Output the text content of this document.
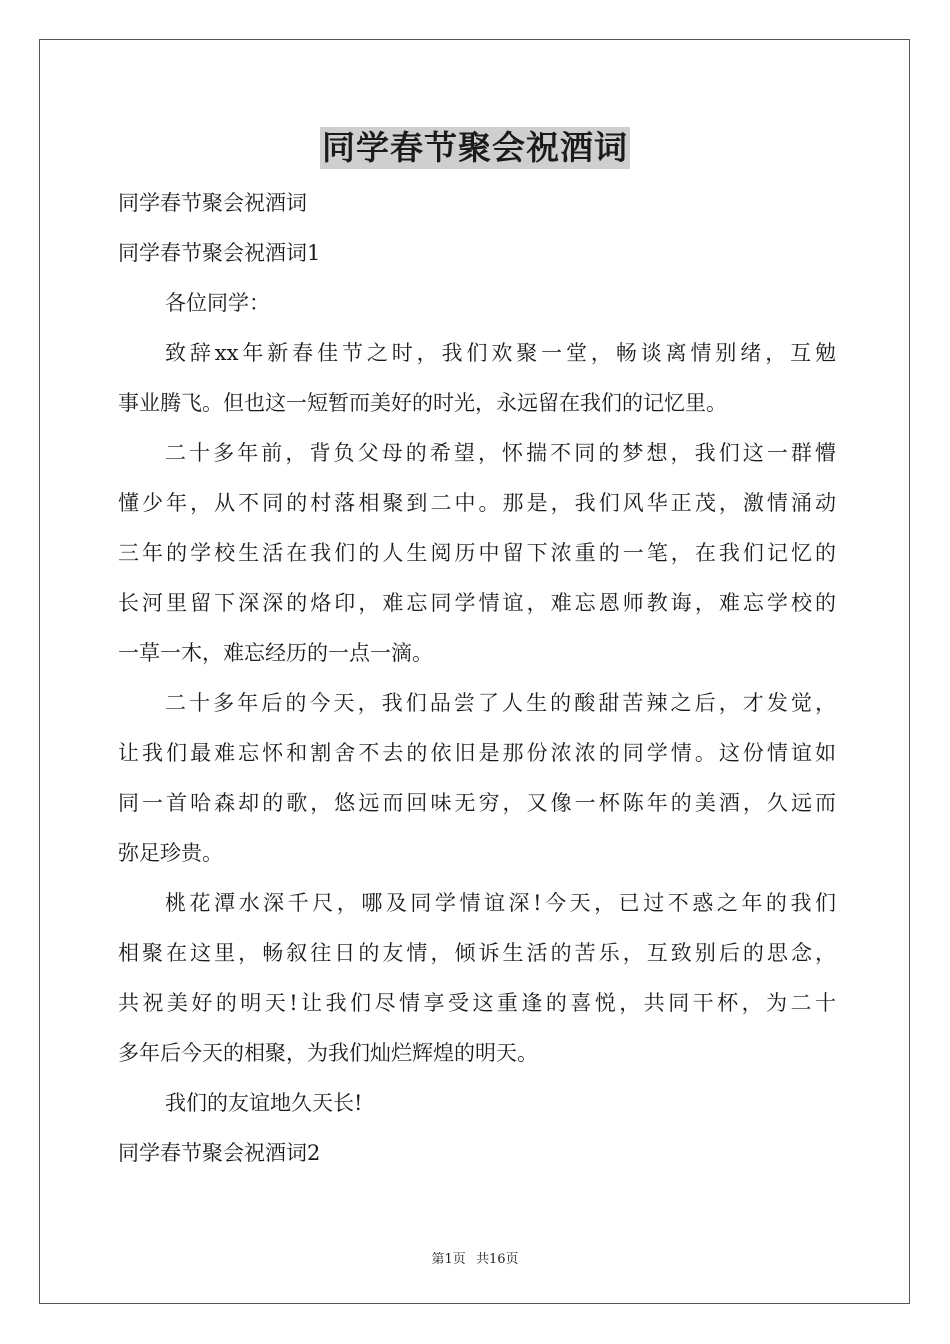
同学春节聚会祝酒词
同学春节聚会祝酒词
同学春节聚会祝酒词1
各位同学：
致辞xx年新春佳节之时，我们欢聚一堂，畅谈离情别绪，互勉
事业腾飞。但也这一短暂而美好的时光，永远留在我们的记忆里。
二十多年前，背负父母的希望，怀揣不同的梦想，我们这一群懵
懂少年，从不同的村落相聚到二中。那是，我们风华正茂，激情涌动
三年的学校生活在我们的人生阅历中留下浓重的一笔，在我们记忆的
长河里留下深深的烙印，难忘同学情谊，难忘恩师教诲，难忘学校的
一草一木，难忘经历的一点一滴。
二十多年后的今天，我们品尝了人生的酸甜苦辣之后，才发觉，
让我们最难忘怀和割舍不去的依旧是那份浓浓的同学情。这份情谊如
同一首哈森却的歌，悠远而回味无穷，又像一杯陈年的美酒，久远而
弥足珍贵。
桃花潭水深千尺，哪及同学情谊深!今天，已过不惑之年的我们
相聚在这里，畅叙往日的友情，倾诉生活的苦乐，互致别后的思念，
共祝美好的明天!让我们尽情享受这重逢的喜悦，共同干杯，为二十
多年后今天的相聚，为我们灿烂辉煌的明天。
我们的友谊地久天长!
同学春节聚会祝酒词2
第1页 共16页
